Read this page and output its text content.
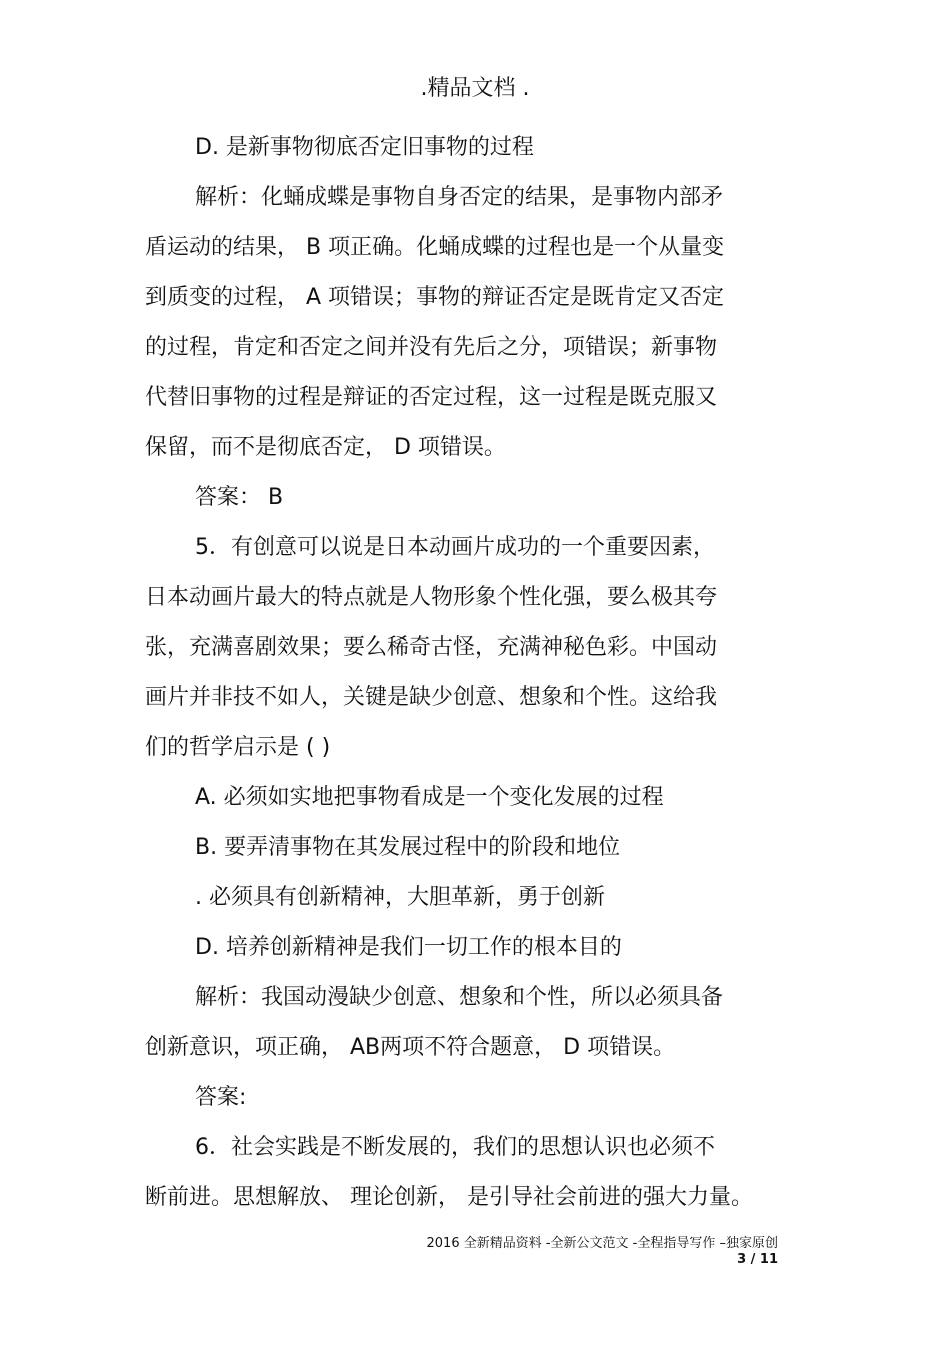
.精品文档 .
D. 是新事物彻底否定旧事物的过程
解析：化蛹成蝶是事物自身否定的结果，是事物内部矛
盾运动的结果， B 项正确。化蛹成蝶的过程也是一个从量变
到质变的过程， A 项错误；事物的辩证否定是既肯定又否定
的过程，肯定和否定之间并没有先后之分，项错误；新事物
代替旧事物的过程是辩证的否定过程，这一过程是既克服又
保留，而不是彻底否定， D 项错误。
答案： B
5．有创意可以说是日本动画片成功的一个重要因素，
日本动画片最大的特点就是人物形象个性化强，要么极其夸
张，充满喜剧效果；要么稀奇古怪，充满神秘色彩。中国动
画片并非技不如人，关键是缺少创意、想象和个性。这给我
们的哲学启示是 ( )
A. 必须如实地把事物看成是一个变化发展的过程
B. 要弄清事物在其发展过程中的阶段和地位
. 必须具有创新精神，大胆革新，勇于创新
D. 培养创新精神是我们一切工作的根本目的
解析：我国动漫缺少创意、想象和个性，所以必须具备
创新意识，项正确， AB两项不符合题意， D 项错误。
答案:
6．社会实践是不断发展的，我们的思想认识也必须不
断前进。思想解放、 理论创新， 是引导社会前进的强大力量。
2016 全新精品资料 -全新公文范文 -全程指导写作 –独家原创
3 / 11
